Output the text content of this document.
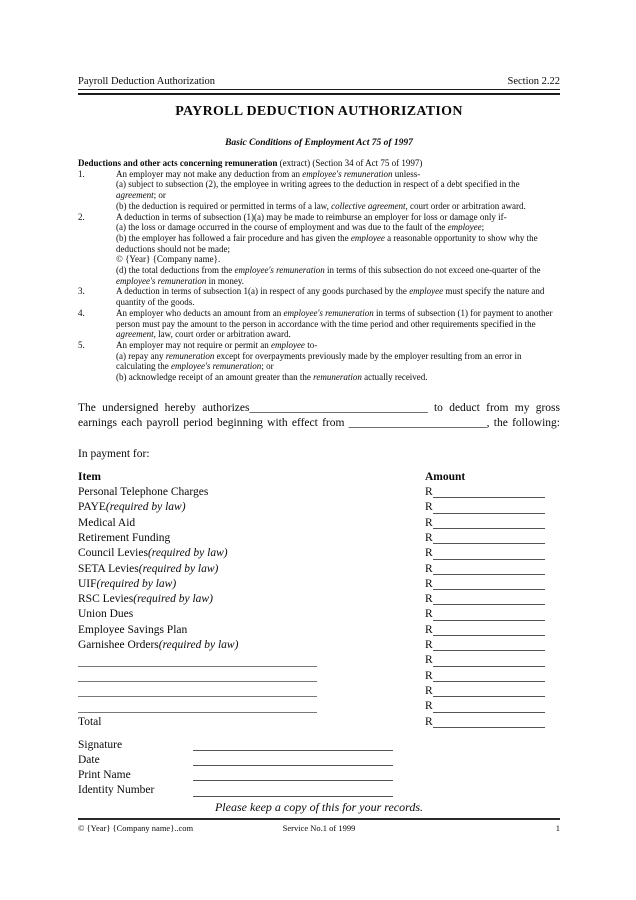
Payroll Deduction Authorization	Section 2.22
PAYROLL DEDUCTION AUTHORIZATION
Basic Conditions of Employment Act 75 of 1997
Deductions and other acts concerning remuneration (extract) (Section 34 of Act 75 of 1997)
1.	An employer may not make any deduction from an employee's remuneration unless-
(a) subject to subsection (2), the employee in writing agrees to the deduction in respect of a debt specified in the agreement; or
(b) the deduction is required or permitted in terms of a law, collective agreement, court order or arbitration award.
2.	A deduction in terms of subsection (1)(a) may be made to reimburse an employer for loss or damage only if-
(a) the loss or damage occurred in the course of employment and was due to the fault of the employee;
(b) the employer has followed a fair procedure and has given the employee a reasonable opportunity to show why the deductions should not be made;
© {Year} {Company name}.
(d) the total deductions from the employee's remuneration in terms of this subsection do not exceed one-quarter of the employee's remuneration in money.
3.	A deduction in terms of subsection 1(a) in respect of any goods purchased by the employee must specify the nature and quantity of the goods.
4.	An employer who deducts an amount from an employee's remuneration in terms of subsection (1) for payment to another person must pay the amount to the person in accordance with the time period and other requirements specified in the agreement, law, court order or arbitration award.
5.	An employer may not require or permit an employee to-
(a) repay any remuneration except for overpayments previously made by the employer resulting from an error in calculating the employee's remuneration; or
(b) acknowledge receipt of an amount greater than the remuneration actually received.
The undersigned hereby authorizes_______________________________ to deduct from my gross
earnings each payroll period beginning with effect from ________________________, the following:
In payment for:
Item	Amount
Personal Telephone Charges	R
PAYE (required by law)	R
Medical Aid	R
Retirement Funding	R
Council Levies (required by law)	R
SETA Levies (required by law)	R
UIF (required by law)	R
RSC Levies (required by law)	R
Union Dues	R
Employee Savings Plan	R
Garnishee Orders (required by law)	R
R
R
R
R
Total	R
Signature
Date
Print Name
Identity Number
Please keep a copy of this for your records.
© {Year} {Company name}..com	Service No.1 of 1999	1
